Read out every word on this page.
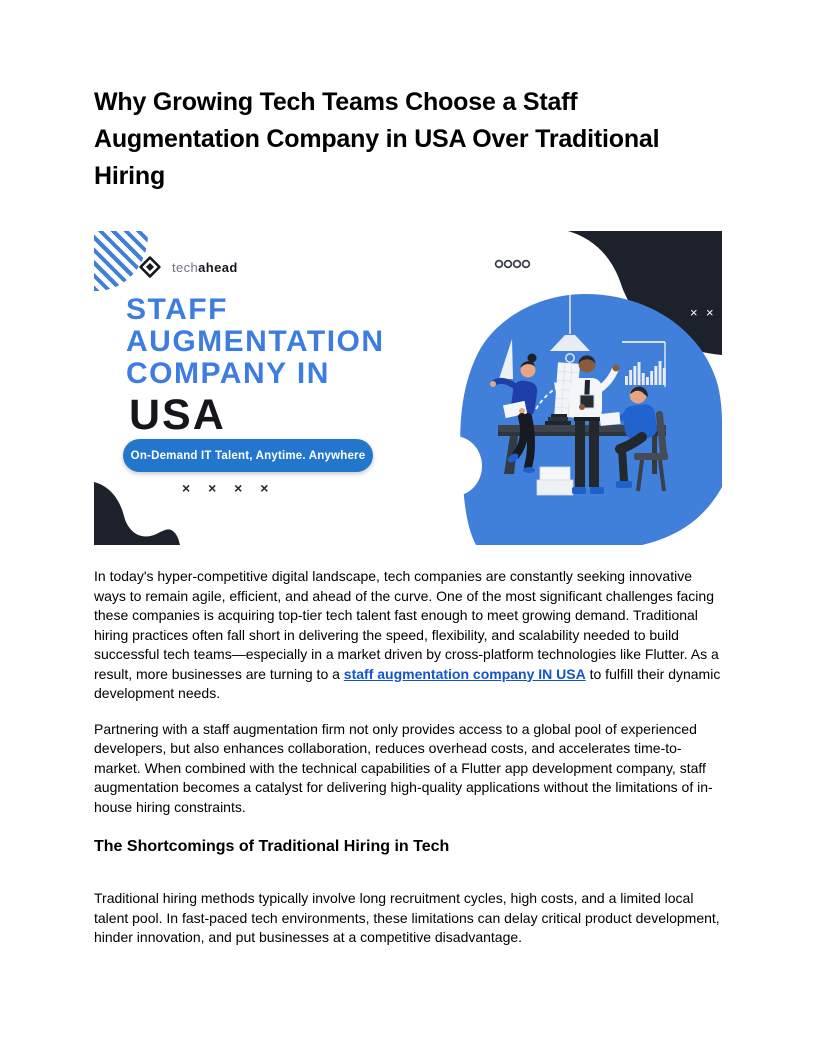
Why Growing Tech Teams Choose a Staff Augmentation Company in USA Over Traditional Hiring
techahead
STAFF
AUGMENTATION
COMPANY IN
USA
On-Demand IT Talent, Anytime. Anywhere
× × × ×
× ×

In today's hyper-competitive digital landscape, tech companies are constantly seeking innovative ways to remain agile, efficient, and ahead of the curve. One of the most significant challenges facing these companies is acquiring top-tier tech talent fast enough to meet growing demand. Traditional hiring practices often fall short in delivering the speed, flexibility, and scalability needed to build successful tech teams—especially in a market driven by cross-platform technologies like Flutter. As a result, more businesses are turning to a staff augmentation company IN USA to fulfill their dynamic development needs.

Partnering with a staff augmentation firm not only provides access to a global pool of experienced developers, but also enhances collaboration, reduces overhead costs, and accelerates time-to-market. When combined with the technical capabilities of a Flutter app development company, staff augmentation becomes a catalyst for delivering high-quality applications without the limitations of in-house hiring constraints.

The Shortcomings of Traditional Hiring in Tech

Traditional hiring methods typically involve long recruitment cycles, high costs, and a limited local talent pool. In fast-paced tech environments, these limitations can delay critical product development, hinder innovation, and put businesses at a competitive disadvantage.
